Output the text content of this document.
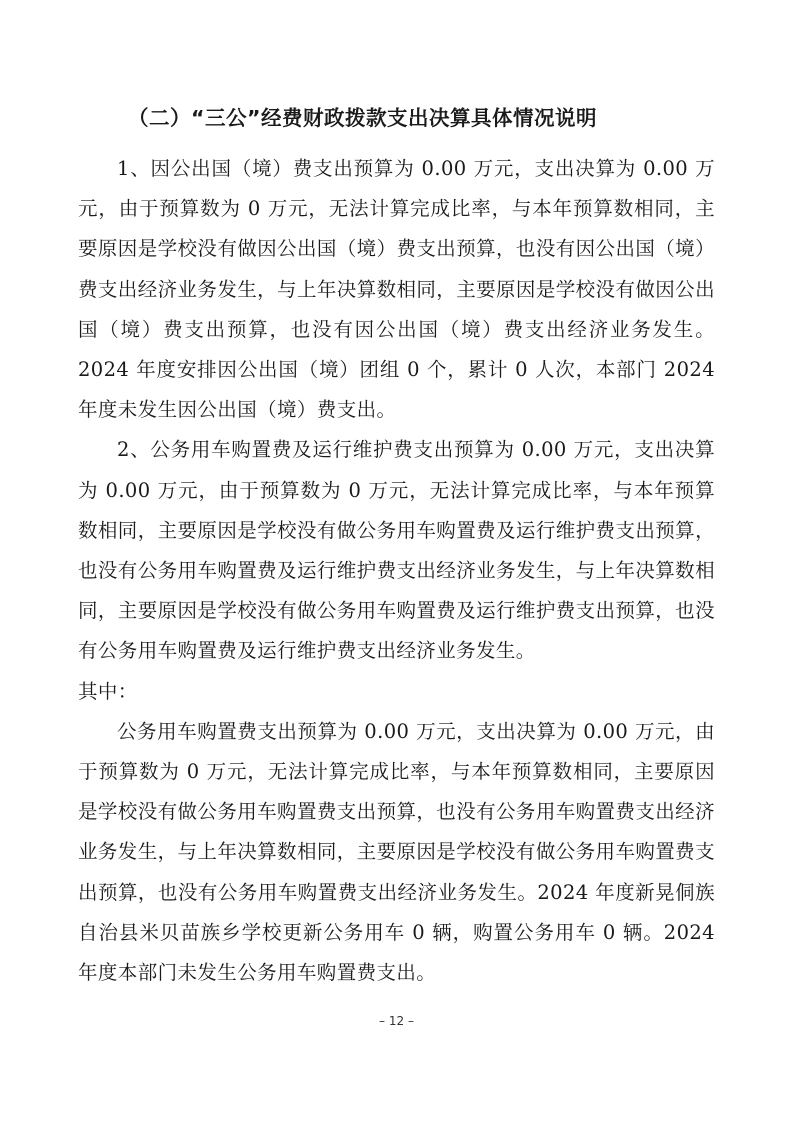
（二）“三公”经费财政拨款支出决算具体情况说明

1、因公出国（境）费支出预算为 0.00 万元，支出决算为 0.00 万元，由于预算数为 0 万元，无法计算完成比率，与本年预算数相同，主要原因是学校没有做因公出国（境）费支出预算，也没有因公出国（境）费支出经济业务发生，与上年决算数相同，主要原因是学校没有做因公出国（境）费支出预算，也没有因公出国（境）费支出经济业务发生。2024 年度安排因公出国（境）团组 0 个，累计 0 人次，本部门 2024 年度未发生因公出国（境）费支出。

2、公务用车购置费及运行维护费支出预算为 0.00 万元，支出决算为 0.00 万元，由于预算数为 0 万元，无法计算完成比率，与本年预算数相同，主要原因是学校没有做公务用车购置费及运行维护费支出预算，也没有公务用车购置费及运行维护费支出经济业务发生，与上年决算数相同，主要原因是学校没有做公务用车购置费及运行维护费支出预算，也没有公务用车购置费及运行维护费支出经济业务发生。

其中：

公务用车购置费支出预算为 0.00 万元，支出决算为 0.00 万元，由于预算数为 0 万元，无法计算完成比率，与本年预算数相同，主要原因是学校没有做公务用车购置费支出预算，也没有公务用车购置费支出经济业务发生，与上年决算数相同，主要原因是学校没有做公务用车购置费支出预算，也没有公务用车购置费支出经济业务发生。2024 年度新晃侗族自治县米贝苗族乡学校更新公务用车 0 辆，购置公务用车 0 辆。2024 年度本部门未发生公务用车购置费支出。

– 12 –
